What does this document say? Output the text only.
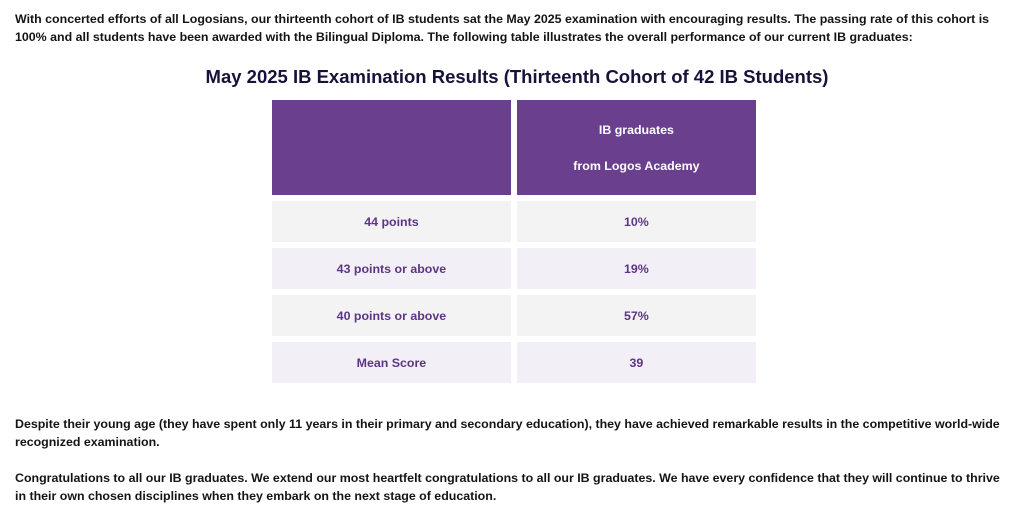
With concerted efforts of all Logosians, our thirteenth cohort of IB students sat the May 2025 examination with encouraging results. The passing rate of this cohort is 100% and all students have been awarded with the Bilingual Diploma. The following table illustrates the overall performance of our current IB graduates:

May 2025 IB Examination Results (Thirteenth Cohort of 42 IB Students)

	IB graduates
from Logos Academy

44 points	10%
43 points or above	19%
40 points or above	57%
Mean Score	39

Despite their young age (they have spent only 11 years in their primary and secondary education), they have achieved remarkable results in the competitive world-wide recognized examination.

Congratulations to all our IB graduates. We extend our most heartfelt congratulations to all our IB graduates. We have every confidence that they will continue to thrive in their own chosen disciplines when they embark on the next stage of education.
